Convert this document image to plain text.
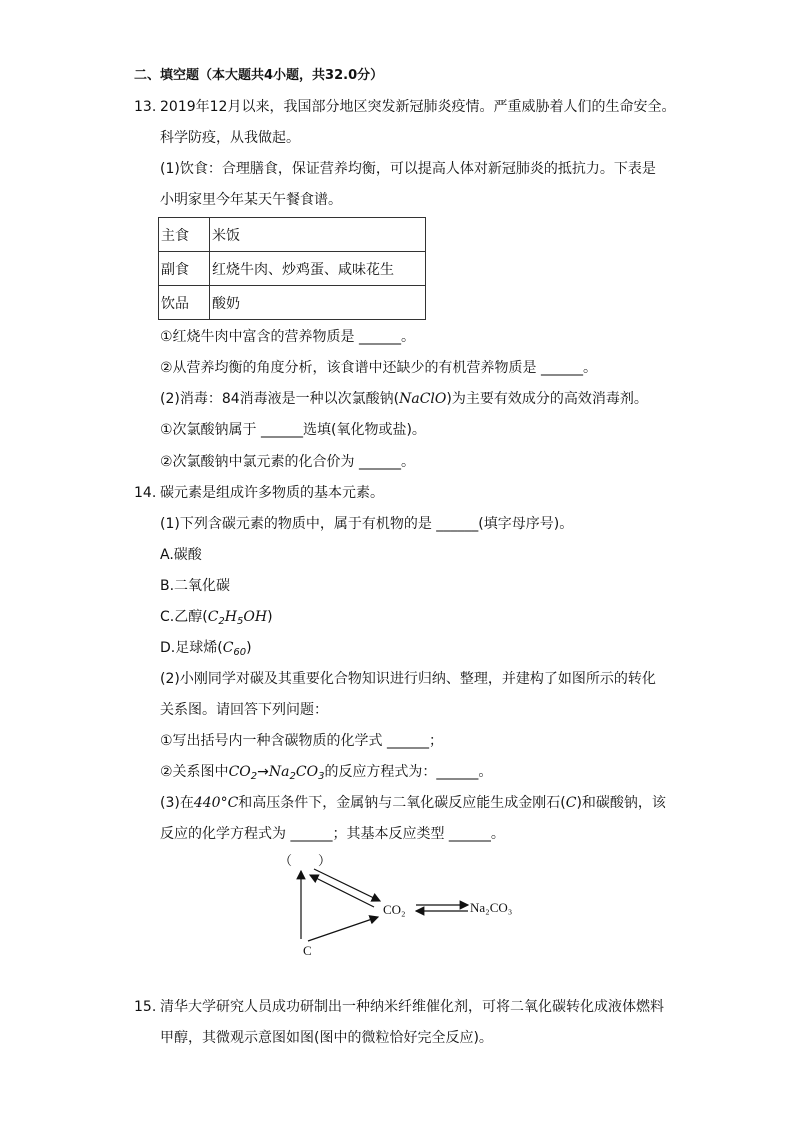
二、填空题（本大题共4小题，共32.0分）
13. 2019年12月以来，我国部分地区突发新冠肺炎疫情。严重威胁着人们的生命安全。
科学防疫，从我做起。
(1)饮食：合理膳食，保证营养均衡，可以提高人体对新冠肺炎的抵抗力。下表是
小明家里今年某天午餐食谱。
主食	米饭
副食	红烧牛肉、炒鸡蛋、咸味花生
饮品	酸奶
①红烧牛肉中富含的营养物质是 ______。
②从营养均衡的角度分析，该食谱中还缺少的有机营养物质是 ______。
(2)消毒：84消毒液是一种以次氯酸钠(NaClO)为主要有效成分的高效消毒剂。
①次氯酸钠属于 ______选填(氧化物或盐)。
②次氯酸钠中氯元素的化合价为 ______。
14. 碳元素是组成许多物质的基本元素。
(1)下列含碳元素的物质中，属于有机物的是 ______(填字母序号)。
A.碳酸
B.二氧化碳
C.乙醇$(C_2H_5OH)$
D.足球烯$(C_{60})$
(2)小刚同学对碳及其重要化合物知识进行归纳、整理，并建构了如图所示的转化
关系图。请回答下列问题：
①写出括号内一种含碳物质的化学式 ______；
②关系图中$CO_2\to Na_2CO_3$的反应方程式为：______。
(3)在440°C和高压条件下，金属钠与二氧化碳反应能生成金刚石(C)和碳酸钠，该
反应的化学方程式为 ______；其基本反应类型 ______。
（　　）
CO₂	Na₂CO₃
C
15. 清华大学研究人员成功研制出一种纳米纤维催化剂，可将二氧化碳转化成液体燃料
甲醇，其微观示意图如图(图中的微粒恰好完全反应)。
